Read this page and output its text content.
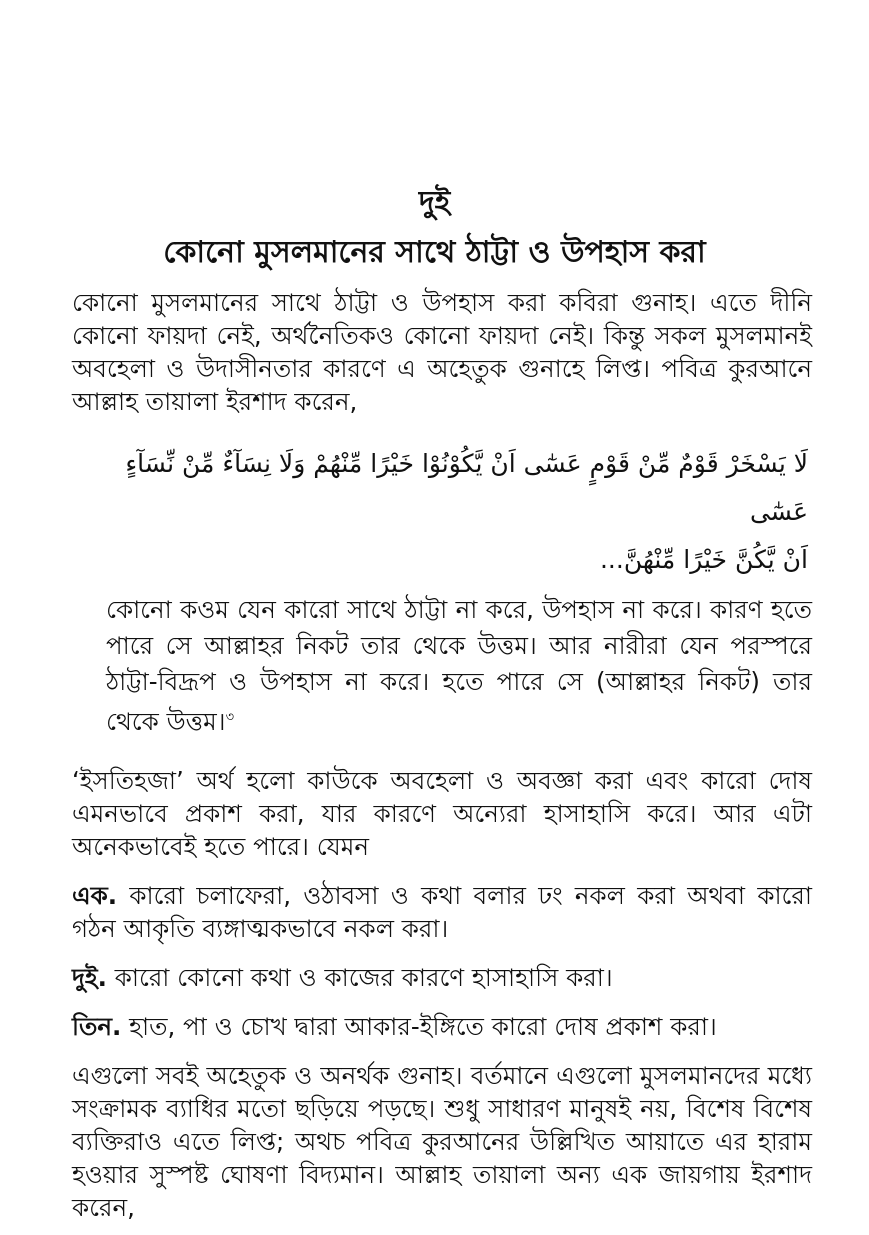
দুই
কোনো মুসলমানের সাথে ঠাট্টা ও উপহাস করা

কোনো মুসলমানের সাথে ঠাট্টা ও উপহাস করা কবিরা গুনাহ। এতে দীনি কোনো ফায়দা নেই, অর্থনৈতিকও কোনো ফায়দা নেই। কিন্তু সকল মুসলমানই অবহেলা ও উদাসীনতার কারণে এ অহেতুক গুনাহে লিপ্ত। পবিত্র কুরআনে আল্লাহ তায়ালা ইরশাদ করেন,

لَا يَسْخَرْ قَوْمٌ مِّنْ قَوْمٍ عَسٰٓى اَنْ يَّكُوْنُوْا خَيْرًا مِّنْهُمْ وَلَا نِسَآءٌ مِّنْ نِّسَآءٍ عَسٰٓى
اَنْ يَّكُنَّ خَيْرًا مِّنْهُنَّ...

কোনো কওম যেন কারো সাথে ঠাট্টা না করে, উপহাস না করে। কারণ হতে পারে সে আল্লাহর নিকট তার থেকে উত্তম। আর নারীরা যেন পরস্পরে ঠাট্টা-বিদ্রূপ ও উপহাস না করে। হতে পারে সে (আল্লাহর নিকট) তার থেকে উত্তম।$^৩$

‘ইসতিহজা’ অর্থ হলো কাউকে অবহেলা ও অবজ্ঞা করা এবং কারো দোষ এমনভাবে প্রকাশ করা, যার কারণে অন্যেরা হাসাহাসি করে। আর এটা অনেকভাবেই হতে পারে। যেমন

এক. কারো চলাফেরা, ওঠাবসা ও কথা বলার ঢং নকল করা অথবা কারো গঠন আকৃতি ব্যঙ্গাত্মকভাবে নকল করা।

দুই. কারো কোনো কথা ও কাজের কারণে হাসাহাসি করা।

তিন. হাত, পা ও চোখ দ্বারা আকার-ইঙ্গিতে কারো দোষ প্রকাশ করা।

এগুলো সবই অহেতুক ও অনর্থক গুনাহ। বর্তমানে এগুলো মুসলমানদের মধ্যে সংক্রামক ব্যাধির মতো ছড়িয়ে পড়ছে। শুধু সাধারণ মানুষই নয়, বিশেষ বিশেষ ব্যক্তিরাও এতে লিপ্ত; অথচ পবিত্র কুরআনের উল্লিখিত আয়াতে এর হারাম হওয়ার সুস্পষ্ট ঘোষণা বিদ্যমান। আল্লাহ তায়ালা অন্য এক জায়গায় ইরশাদ করেন,
